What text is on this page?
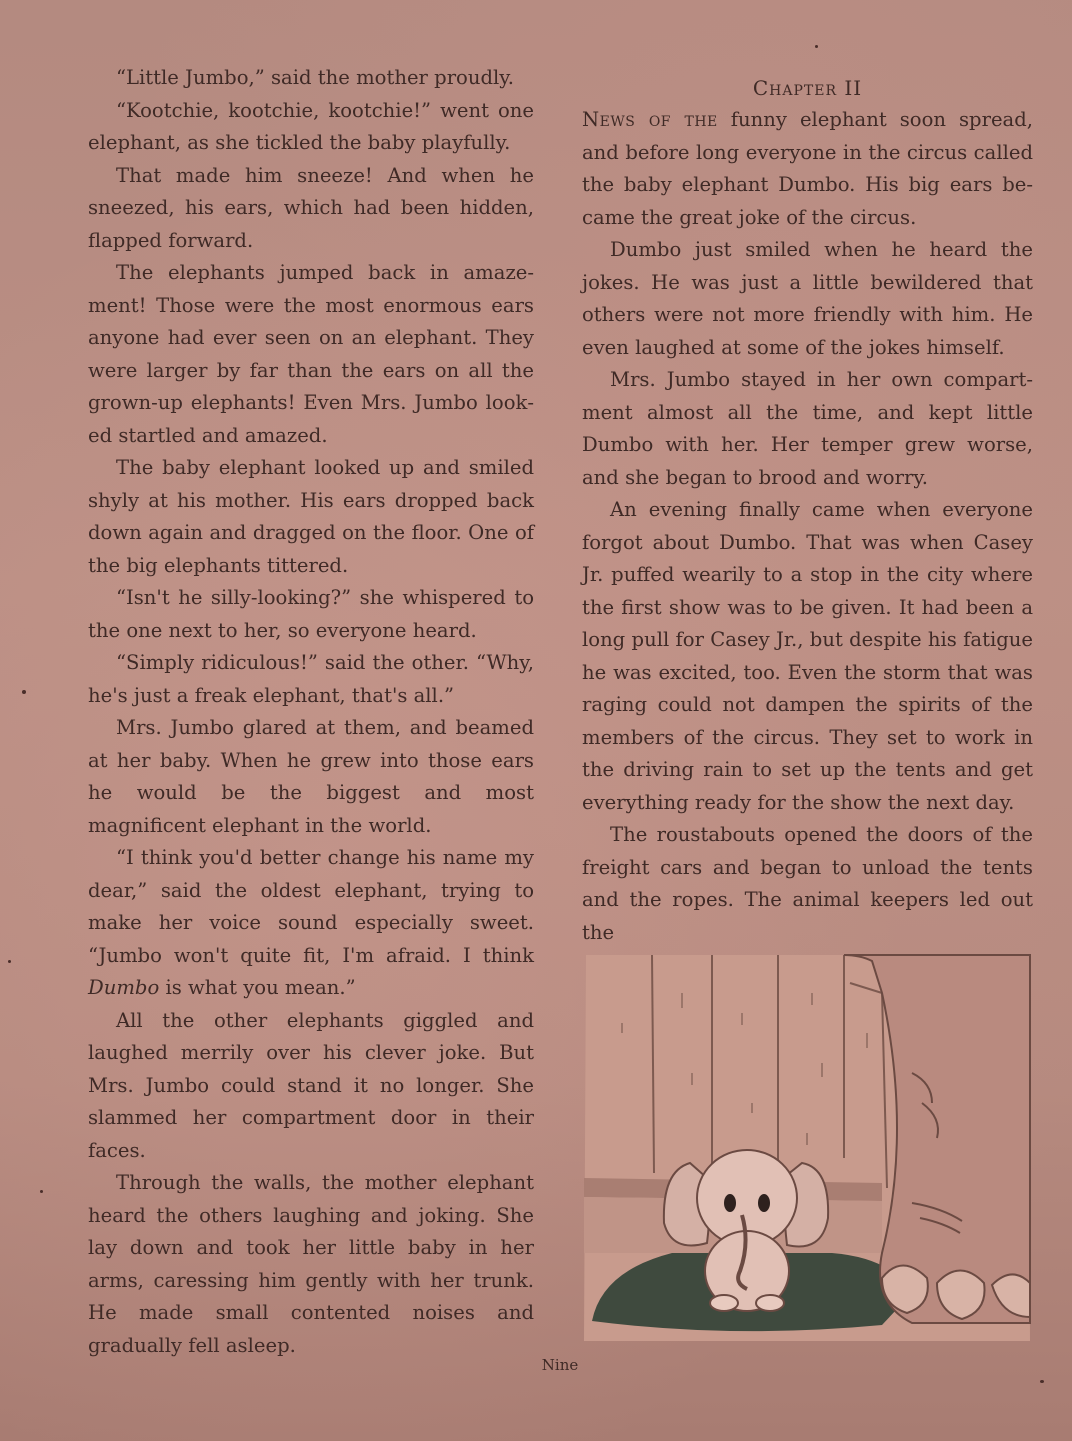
“Little Jumbo,” said the mother proudly.

“Kootchie, kootchie, kootchie!” went one elephant, as she tickled the baby playfully.

That made him sneeze! And when he sneezed, his ears, which had been hidden, flapped forward.

The elephants jumped back in amazement! Those were the most enormous ears anyone had ever seen on an elephant. They were larger by far than the ears on all the grown-up elephants! Even Mrs. Jumbo looked startled and amazed.

The baby elephant looked up and smiled shyly at his mother. His ears dropped back down again and dragged on the floor. One of the big elephants tittered.

“Isn't he silly-looking?” she whispered to the one next to her, so everyone heard.

“Simply ridiculous!” said the other. “Why, he's just a freak elephant, that's all.”

Mrs. Jumbo glared at them, and beamed at her baby. When he grew into those ears he would be the biggest and most magnificent elephant in the world.

“I think you'd better change his name my dear,” said the oldest elephant, trying to make her voice sound especially sweet. “Jumbo won't quite fit, I'm afraid. I think Dumbo is what you mean.”

All the other elephants giggled and laughed merrily over his clever joke. But Mrs. Jumbo could stand it no longer. She slammed her compartment door in their faces.

Through the walls, the mother elephant heard the others laughing and joking. She lay down and took her little baby in her arms, caressing him gently with her trunk. He made small contented noises and gradually fell asleep.

Chapter II

News of the funny elephant soon spread, and before long everyone in the circus called the baby elephant Dumbo. His big ears became the great joke of the circus.

Dumbo just smiled when he heard the jokes. He was just a little bewildered that others were not more friendly with him. He even laughed at some of the jokes himself.

Mrs. Jumbo stayed in her own compartment almost all the time, and kept little Dumbo with her. Her temper grew worse, and she began to brood and worry.

An evening finally came when everyone forgot about Dumbo. That was when Casey Jr. puffed wearily to a stop in the city where the first show was to be given. It had been a long pull for Casey Jr., but despite his fatigue he was excited, too. Even the storm that was raging could not dampen the spirits of the members of the circus. They set to work in the driving rain to set up the tents and get everything ready for the show the next day.

The roustabouts opened the doors of the freight cars and began to unload the tents and the ropes. The animal keepers led out the

Nine
